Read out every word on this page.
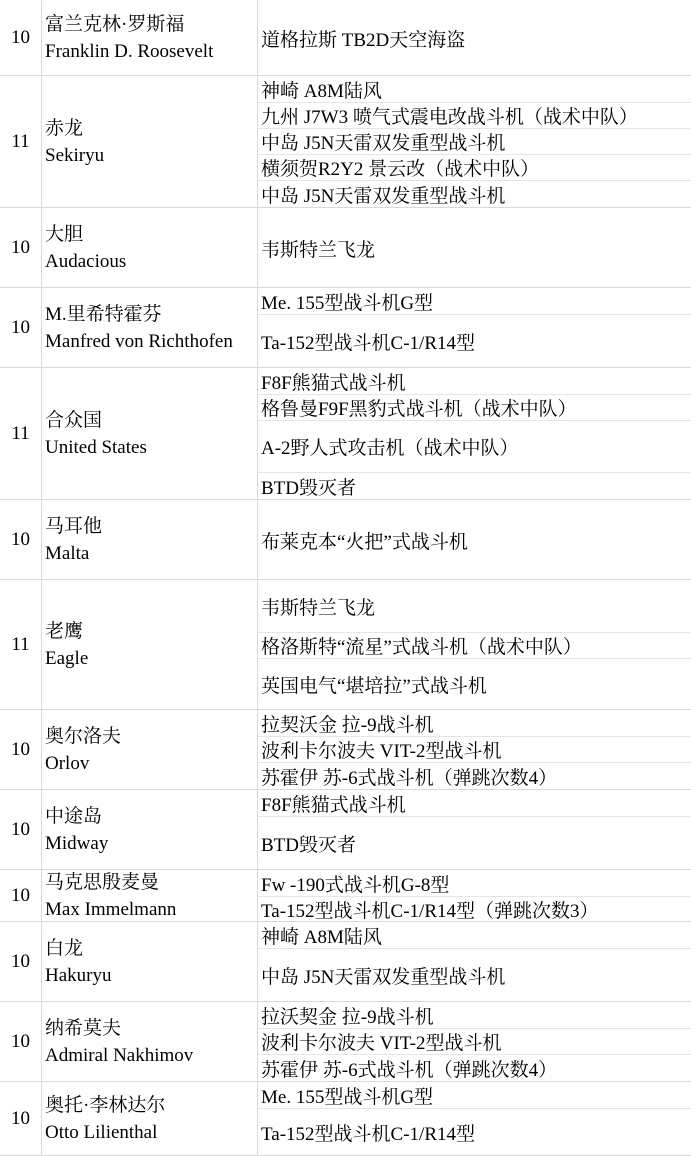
10
富兰克林·罗斯福
Franklin D. Roosevelt
道格拉斯 TB2D天空海盗
11
赤龙
Sekiryu
神崎 A8M陆风
九州 J7W3 喷气式震电改战斗机（战术中队）
中岛 J5N天雷双发重型战斗机
横须贺R2Y2 景云改（战术中队）
中岛 J5N天雷双发重型战斗机
10
大胆
Audacious
韦斯特兰飞龙
10
M.里希特霍芬
Manfred von Richthofen
Me. 155型战斗机G型
Ta-152型战斗机C-1/R14型
11
合众国
United States
F8F熊猫式战斗机
格鲁曼F9F黑豹式战斗机（战术中队）
A-2野人式攻击机（战术中队）
BTD毁灭者
10
马耳他
Malta
布莱克本“火把”式战斗机
11
老鹰
Eagle
韦斯特兰飞龙
格洛斯特“流星”式战斗机（战术中队）
英国电气“堪培拉”式战斗机
10
奥尔洛夫
Orlov
拉契沃金 拉-9战斗机
波利卡尔波夫 VIT-2型战斗机
苏霍伊 苏-6式战斗机（弹跳次数4）
10
中途岛
Midway
F8F熊猫式战斗机
BTD毁灭者
10
马克思殷麦曼
Max Immelmann
Fw -190式战斗机G-8型
Ta-152型战斗机C-1/R14型（弹跳次数3）
10
白龙
Hakuryu
神崎 A8M陆风
中岛 J5N天雷双发重型战斗机
10
纳希莫夫
Admiral Nakhimov
拉沃契金 拉-9战斗机
波利卡尔波夫 VIT-2型战斗机
苏霍伊 苏-6式战斗机（弹跳次数4）
10
奥托·李林达尔
Otto Lilienthal
Me. 155型战斗机G型
Ta-152型战斗机C-1/R14型
